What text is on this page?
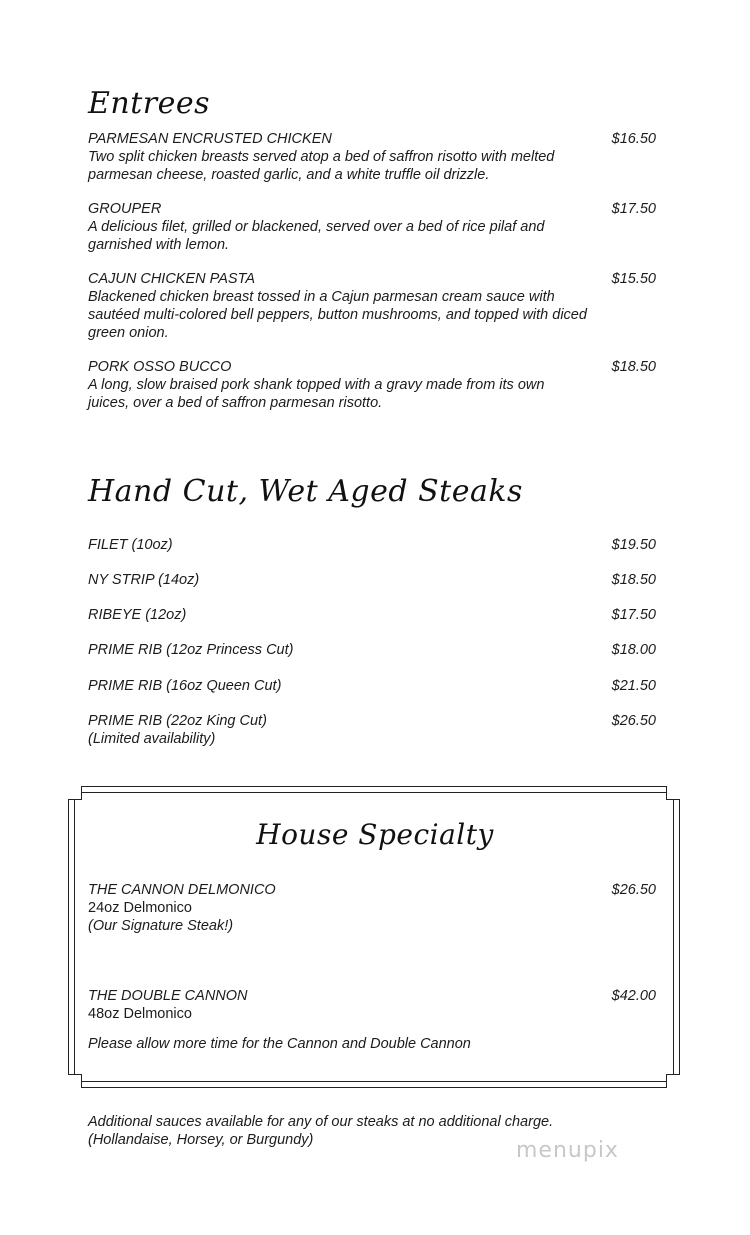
Entrees
PARMESAN ENCRUSTED CHICKEN	$16.50
Two split chicken breasts served atop a bed of saffron risotto with melted parmesan cheese, roasted garlic, and a white truffle oil drizzle.
GROUPER	$17.50
A delicious filet, grilled or blackened, served over a bed of rice pilaf and garnished with lemon.
CAJUN CHICKEN PASTA	$15.50
Blackened chicken breast tossed in a Cajun parmesan cream sauce with sautéed multi-colored bell peppers, button mushrooms, and topped with diced green onion.
PORK OSSO BUCCO	$18.50
A long, slow braised pork shank topped with a gravy made from its own juices, over a bed of saffron parmesan risotto.
Hand Cut, Wet Aged Steaks
FILET (10oz)	$19.50
NY STRIP (14oz)	$18.50
RIBEYE (12oz)	$17.50
PRIME RIB (12oz Princess Cut)	$18.00
PRIME RIB (16oz Queen Cut)	$21.50
PRIME RIB (22oz King Cut)	$26.50
(Limited availability)
House Specialty
THE CANNON DELMONICO	$26.50
24oz Delmonico
(Our Signature Steak!)
THE DOUBLE CANNON	$42.00
48oz Delmonico
Please allow more time for the Cannon and Double Cannon
Additional sauces available for any of our steaks at no additional charge.
(Hollandaise, Horsey, or Burgundy)	menupix
